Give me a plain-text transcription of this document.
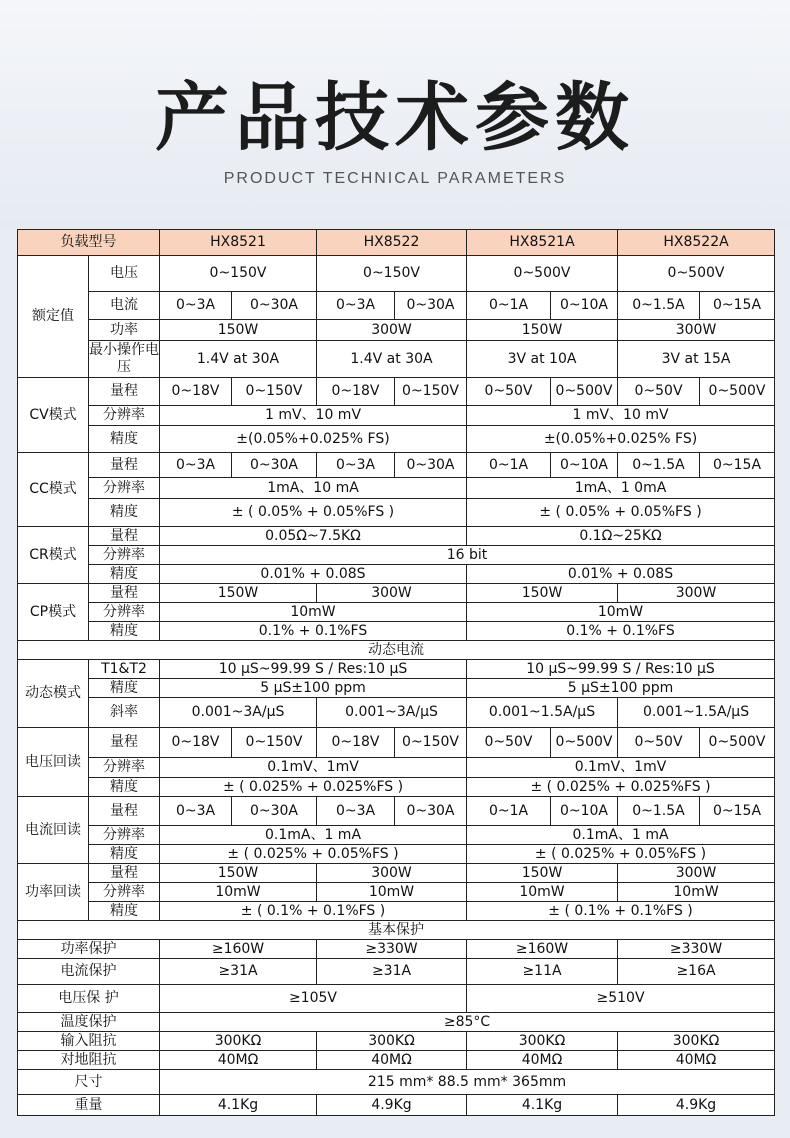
产品技术参数
PRODUCT TECHNICAL PARAMETERS
负载型号		HX8521		HX8522		HX8521A		HX8522A	
额定值	电压	0~150V		0~150V		0~500V		0~500V	
	电流	0~3A	0~30A	0~3A	0~30A	0~1A	0~10A	0~1.5A	0~15A
	功率	150W		300W		150W		300W	
	最小操作电压	1.4V at 30A		1.4V at 30A		3V at 10A		3V at 15A	
CV模式	量程	0~18V	0~150V	0~18V	0~150V	0~50V	0~500V	0~50V	0~500V
	分辨率	1 mV、10 mV				1 mV、10 mV			
	精度	±(0.05%+0.025% FS)				±(0.05%+0.025% FS)			
CC模式	量程	0~3A	0~30A	0~3A	0~30A	0~1A	0~10A	0~1.5A	0~15A
	分辨率	1mA、10 mA				1mA、1 0mA			
	精度	± ( 0.05% + 0.05%FS )				± ( 0.05% + 0.05%FS )			
CR模式	量程	0.05Ω~7.5KΩ				0.1Ω~25KΩ			
	分辨率	16 bit							
	精度	0.01% + 0.08S				0.01% + 0.08S			
CP模式	量程	150W		300W		150W		300W	
	分辨率	10mW				10mW			
	精度	0.1% + 0.1%FS				0.1% + 0.1%FS			
动态电流									
动态模式	T1&T2	10 µS~99.99 S / Res:10 µS				10 µS~99.99 S / Res:10 µS			
	精度	5 µS±100 ppm				5 µS±100 ppm			
	斜率	0.001~3A/µS		0.001~3A/µS		0.001~1.5A/µS		0.001~1.5A/µS	
电压回读	量程	0~18V	0~150V	0~18V	0~150V	0~50V	0~500V	0~50V	0~500V
	分辨率	0.1mV、1mV				0.1mV、1mV			
	精度	± ( 0.025% + 0.025%FS )				± ( 0.025% + 0.025%FS )			
电流回读	量程	0~3A	0~30A	0~3A	0~30A	0~1A	0~10A	0~1.5A	0~15A
	分辨率	0.1mA、1 mA				0.1mA、1 mA			
	精度	± ( 0.025% + 0.05%FS )				± ( 0.025% + 0.05%FS )			
功率回读	量程	150W		300W		150W		300W	
	分辨率	10mW		10mW		10mW		10mW	
	精度	± ( 0.1% + 0.1%FS )				± ( 0.1% + 0.1%FS )			
基本保护									
功率保护		≥160W		≥330W		≥160W		≥330W	
电流保护		≥31A		≥31A		≥11A		≥16A	
电压保 护		≥105V				≥510V			
温度保护		≥85°C							
输入阻抗		300KΩ		300KΩ		300KΩ		300KΩ	
对地阻抗		40MΩ		40MΩ		40MΩ		40MΩ	
尺寸		215 mm* 88.5 mm* 365mm							
重量		4.1Kg		4.9Kg		4.1Kg		4.9Kg	
